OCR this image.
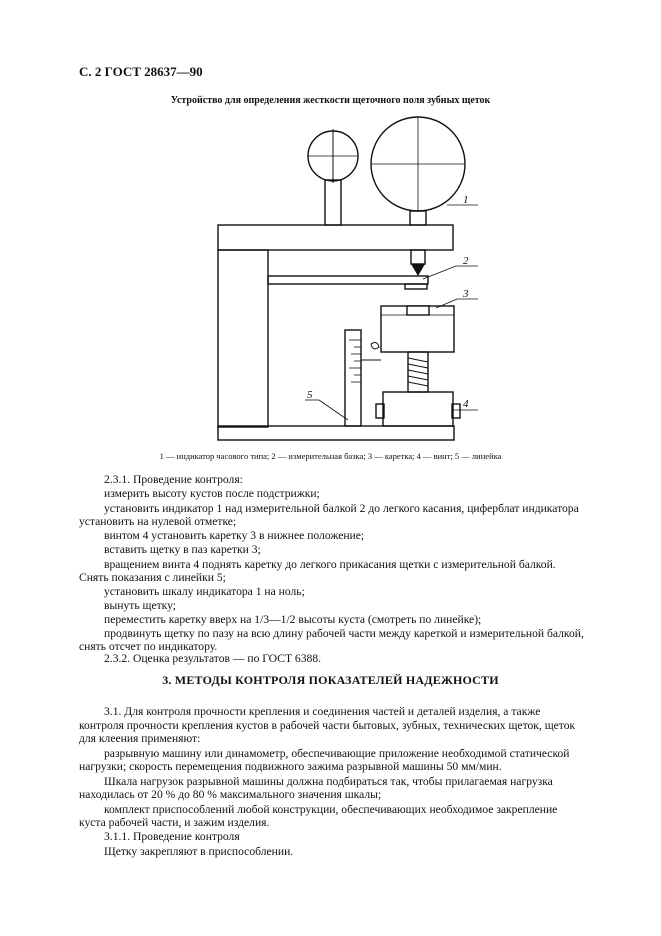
С. 2 ГОСТ 28637—90
Устройство для определения жесткости щеточного поля зубных щеток
1
2
3
4
5
1 — индикатор часового типа; 2 — измерительная базка; 3 — каретка; 4 — винт; 5 — линейка
2.3.1. Проведение контроля:
измерить высоту кустов после подстрижки;
установить индикатор 1 над измерительной балкой 2 до легкого касания, циферблат индикатора
установить на нулевой отметке;
винтом 4 установить каретку 3 в нижнее положение;
вставить щетку в паз каретки 3;
вращением винта 4 поднять каретку до легкого прикасания щетки с измерительной балкой.
Снять показания с линейки 5;
установить шкалу индикатора 1 на ноль;
вынуть щетку;
переместить каретку вверх на 1/3—1/2 высоты куста (смотреть по линейке);
продвинуть щетку по пазу на всю длину рабочей части между кареткой и измерительной балкой,
снять отсчет по индикатору.
2.3.2. Оценка результатов — по ГОСТ 6388.
3. МЕТОДЫ КОНТРОЛЯ ПОКАЗАТЕЛЕЙ НАДЕЖНОСТИ
3.1. Для контроля прочности крепления и соединения частей и деталей изделия, а также
контроля прочности крепления кустов в рабочей части бытовых, зубных, технических щеток, щеток
для клеения применяют:
разрывную машину или динамометр, обеспечивающие приложение необходимой статической
нагрузки; скорость перемещения подвижного зажима разрывной машины 50 мм/мин.
Шкала нагрузок разрывной машины должна подбираться так, чтобы прилагаемая нагрузка
находилась от 20 % до 80 % максимального значения шкалы;
комплект приспособлений любой конструкции, обеспечивающих необходимое закрепление
куста рабочей части, и зажим изделия.
3.1.1. Проведение контроля
Щетку закрепляют в приспособлении.
